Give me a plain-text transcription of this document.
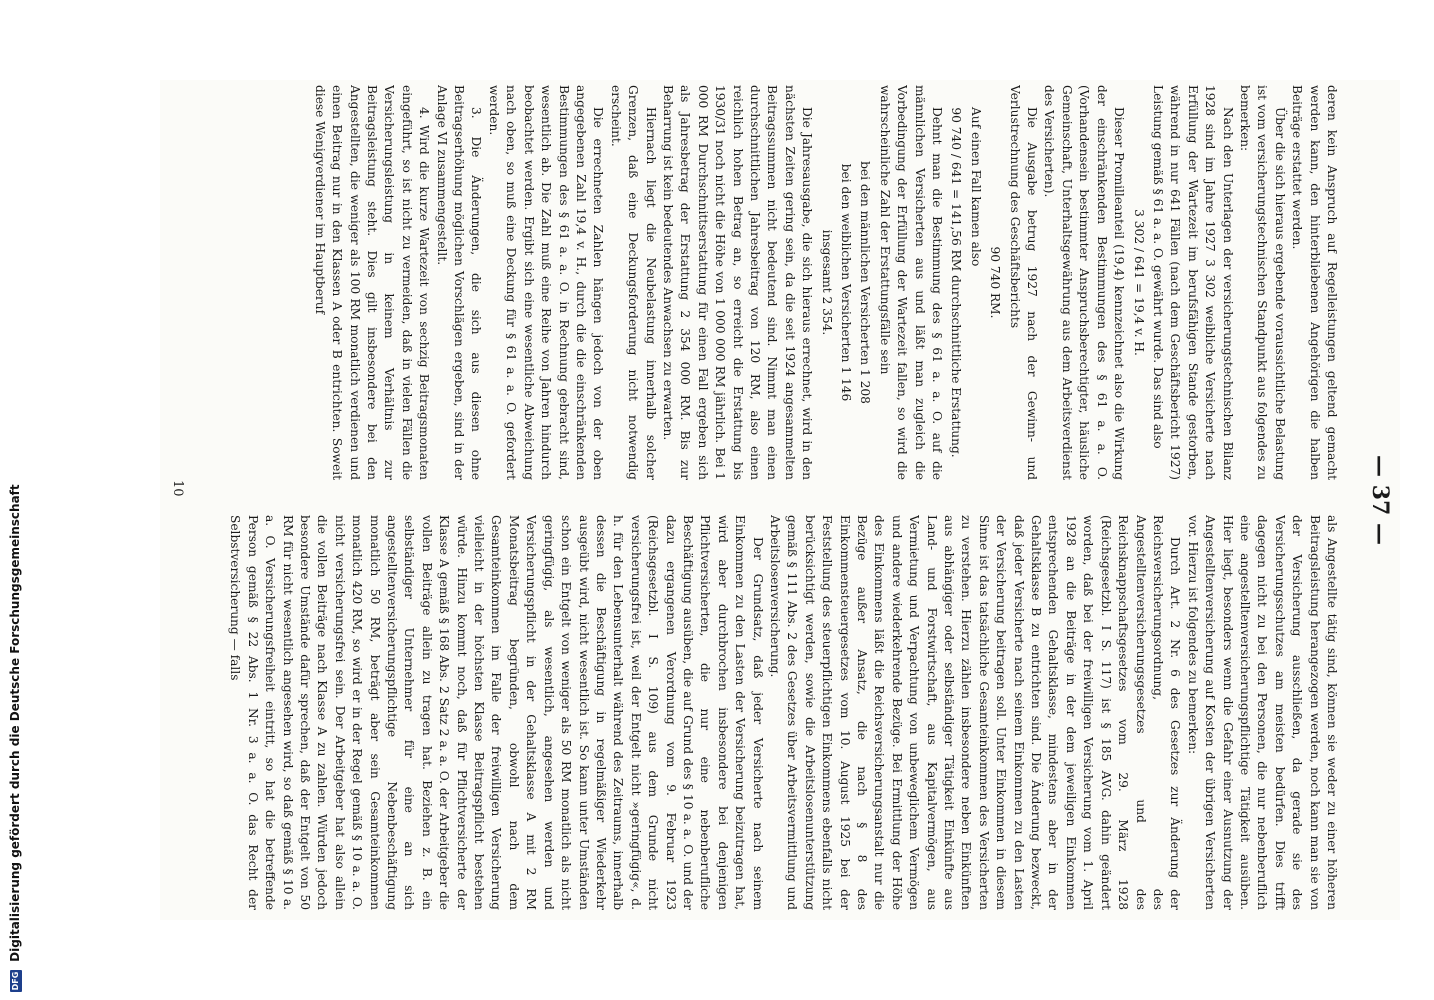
DFG Digitalisierung gefördert durch die Deutsche Forschungsgemeinschaft	— 37 —

deren kein Anspruch auf Regelleistungen geltend gemacht werden kann, den hinterbliebenen Angehörigen die halben Beiträge erstattet werden.

Über die sich hieraus ergebende voraussichtliche Belastung ist vom versicherungstechnischen Standpunkt aus folgendes zu bemerken:

Nach den Unterlagen der versicherungstechnischen Bilanz 1928 sind im Jahre 1927 3 302 weibliche Versicherte nach Erfüllung der Wartezeit im berufsfähigen Stande gestorben, während in nur 641 Fällen (nach dem Geschäftsbericht 1927) Leistung gemäß § 61 a. a. O. gewährt wurde. Das sind also

3 302 / 641 = 19,4 v. H.

Dieser Promilleanteil (19,4) kennzeichnet also die Wirkung der einschränkenden Bestimmungen des § 61 a. a. O. (Vorhandensein bestimmter Anspruchsberechtigter, häusliche Gemeinschaft, Unterhaltsgewährung aus dem Arbeitsverdienst des Versicherten).

Die Ausgabe betrug 1927 nach der Gewinn- und Verlustrechnung des Geschäftsberichts

90 740 RM.

Auf einen Fall kamen also

90 740 / 641 = 141,56 RM durchschnittliche Erstattung.

Dehnt man die Bestimmung des § 61 a. a. O. auf die männlichen Versicherten aus und läßt man zugleich die Vorbedingung der Erfüllung der Wartezeit fallen, so wird die wahrscheinliche Zahl der Erstattungsfälle sein

bei den männlichen Versicherten 1 208

bei den weiblichen Versicherten 1 146

insgesamt 2 354.

Die Jahresausgabe, die sich hieraus errechnet, wird in den nächsten Zeiten gering sein, da die seit 1924 angesammelten Beitragssummen nicht bedeutend sind. Nimmt man einen durchschnittlichen Jahresbeitrag von 120 RM, also einen reichlich hohen Betrag an, so erreicht die Erstattung bis 1930/31 noch nicht die Höhe von 1 000 000 RM jährlich. Bei 1 000 RM Durchschnittserstattung für einen Fall ergeben sich als Jahresbetrag der Erstattung 2 354 000 RM. Bis zur Beharrung ist kein bedeutendes Anwachsen zu erwarten.

Hiernach liegt die Neubelastung innerhalb solcher Grenzen, daß eine Deckungsforderung nicht notwendig erscheint.

Die errechneten Zahlen hängen jedoch von der oben angegebenen Zahl 19,4 v. H., durch die die einschränkenden Bestimmungen des § 61 a. a. O. in Rechnung gebracht sind, wesentlich ab. Die Zahl muß eine Reihe von Jahren hindurch beobachtet werden. Ergibt sich eine wesentliche Abweichung nach oben, so muß eine Deckung für § 61 a. a. O. gefordert werden.

3. Die Änderungen, die sich aus diesen ohne Beitragserhöhung möglichen Vorschlägen ergeben, sind in der Anlage VI zusammengestellt.

4. Wird die kurze Wartezeit von sechzig Beitragsmonaten eingeführt, so ist nicht zu vermeiden, daß in vielen Fällen die Versicherungsleistung in keinem Verhältnis zur Beitragsleistung steht. Dies gilt insbesondere bei den Angestellten, die weniger als 100 RM monatlich verdienen und einen Beitrag nur in den Klassen A oder B entrichten. Soweit diese Wenigverdiener im Hauptberuf

als Angestellte tätig sind, können sie weder zu einer höheren Beitragsleistung herangezogen werden, noch kann man sie von der Versicherung ausschließen, da gerade sie des Versicherungsschutzes am meisten bedürfen. Dies trifft dagegen nicht zu bei den Personen, die nur nebenberuflich eine angestelltenversicherungspflichtige Tätigkeit ausüben. Hier liegt, besonders wenn die Gefahr einer Ausnutzung der Angestelltenversicherung auf Kosten der übrigen Versicherten vor. Hierzu ist folgendes zu bemerken:

Durch Art. 2 Nr. 6 des Gesetzes zur Änderung der Reichsversicherungsordnung, des Angestelltenversicherungsgesetzes und des Reichsknappschaftsgesetzes vom 29. März 1928 (Reichsgesetzbl. I S. 117) ist § 185 AVG. dahin geändert worden, daß bei der freiwilligen Versicherung vom 1. April 1928 an die Beiträge in der dem jeweiligen Einkommen entsprechenden Gehaltsklasse, mindestens aber in der Gehaltsklasse B zu entrichten sind. Die Änderung bezweckt, daß jeder Versicherte nach seinem Einkommen zu den Lasten der Versicherung beitragen soll. Unter Einkommen in diesem Sinne ist das tatsächliche Gesamteinkommen des Versicherten zu verstehen. Hierzu zählen insbesondere neben Einkünften aus abhängiger oder selbständiger Tätigkeit Einkünfte aus Land- und Forstwirtschaft, aus Kapitalvermögen, aus Vermietung und Verpachtung von unbeweglichem Vermögen und andere wiederkehrende Bezüge. Bei Ermittlung der Höhe des Einkommens läßt die Reichsversicherungsanstalt nur die Bezüge außer Ansatz, die nach § 8 des Einkommensteuergesetzes vom 10. August 1925 bei der Feststellung des steuerpflichtigen Einkommens ebenfalls nicht berücksichtigt werden, sowie die Arbeitslosenunterstützung gemäß § 111 Abs. 2 des Gesetzes über Arbeitsvermittlung und Arbeitslosenversicherung.

Der Grundsatz, daß jeder Versicherte nach seinem Einkommen zu den Lasten der Versicherung beizutragen hat, wird aber durchbrochen insbesondere bei denjenigen Pflichtversicherten, die nur eine nebenberufliche Beschäftigung ausüben, die auf Grund des § 10 a. a. O. und der dazu ergangenen Verordnung vom 9. Februar 1923 (Reichsgesetzbl. I S. 109) aus dem Grunde nicht versicherungsfrei ist, weil der Entgelt nicht »geringfügig«, d. h. für den Lebensunterhalt während des Zeitraums, innerhalb dessen die Beschäftigung in regelmäßiger Wiederkehr ausgeübt wird, nicht wesentlich ist. So kann unter Umständen schon ein Entgelt von weniger als 50 RM monatlich als nicht geringfügig, als wesentlich, angesehen werden und Versicherungspflicht in der Gehaltsklasse A mit 2 RM Monatsbeitrag begründen, obwohl nach dem Gesamteinkommen im Falle der freiwilligen Versicherung vielleicht in der höchsten Klasse Beitragspflicht bestehen würde. Hinzu kommt noch, daß für Pflichtversicherte der Klasse A gemäß § 168 Abs. 2 Satz 2 a. a. O. der Arbeitgeber die vollen Beiträge allein zu tragen hat. Beziehen z. B. ein selbständiger Unternehmer für eine an sich angestelltenversicherungspflichtige Nebenbeschäftigung monatlich 50 RM, beträgt aber sein Gesamteinkommen monatlich 420 RM, so wird er in der Regel gemäß § 10 a. a. O. nicht versicherungsfrei sein. Der Arbeitgeber hat also allein die vollen Beiträge nach Klasse A zu zahlen. Würden jedoch besondere Umstände dafür sprechen, daß der Entgelt von 50 RM für nicht wesentlich angesehen wird, so daß gemäß § 10 a. a. O. Versicherungsfreiheit eintritt, so hat die betreffende Person gemäß § 22 Abs. 1 Nr. 3 a. a. O. das Recht der Selbstversicherung — falls

10
